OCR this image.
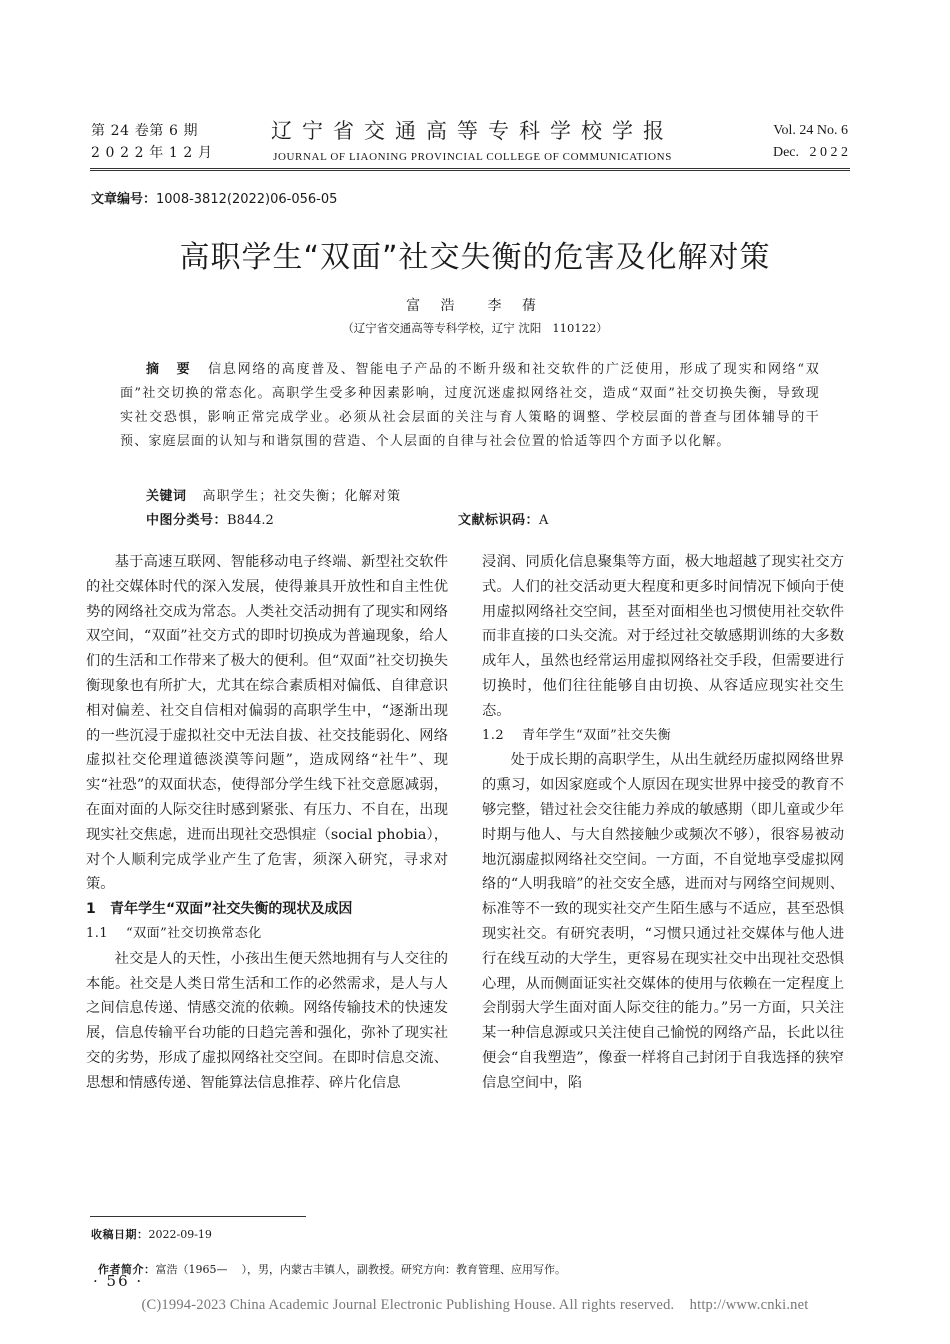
第 24 卷第 6 期
2 0 2 2 年 1 2 月
辽宁省交通高等专科学校学报
JOURNAL OF LIAONING PROVINCIAL COLLEGE OF COMMUNICATIONS
Vol. 24 No. 6
Dec.   2 0 2 2
文章编号：1008-3812(2022)06-056-05
高职学生“双面”社交失衡的危害及化解对策
富 浩  李 蒨
（辽宁省交通高等专科学校，辽宁 沈阳   110122）
摘 要 信息网络的高度普及、智能电子产品的不断升级和社交软件的广泛使用，形成了现实和网络“双面”社交切换的常态化。高职学生受多种因素影响，过度沉迷虚拟网络社交，造成“双面”社交切换失衡，导致现实社交恐惧，影响正常完成学业。必须从社会层面的关注与育人策略的调整、学校层面的普查与团体辅导的干预、家庭层面的认知与和谐氛围的营造、个人层面的自律与社会位置的恰适等四个方面予以化解。
关键词 高职学生；社交失衡；化解对策
中图分类号：B844.2	文献标识码：A

基于高速互联网、智能移动电子终端、新型社交软件的社交媒体时代的深入发展，使得兼具开放性和自主性优势的网络社交成为常态。人类社交活动拥有了现实和网络双空间，“双面”社交方式的即时切换成为普遍现象，给人们的生活和工作带来了极大的便利。但“双面”社交切换失衡现象也有所扩大，尤其在综合素质相对偏低、自律意识相对偏差、社交自信相对偏弱的高职学生中，“逐渐出现的一些沉浸于虚拟社交中无法自拔、社交技能弱化、网络虚拟社交伦理道德淡漠等问题”，造成网络“社牛”、现实“社恐”的双面状态，使得部分学生线下社交意愿减弱，在面对面的人际交往时感到紧张、有压力、不自在，出现现实社交焦虑，进而出现社交恐惧症（social phobia），对个人顺利完成学业产生了危害，须深入研究，寻求对策。

1 青年学生“双面”社交失衡的现状及成因

1.1 “双面”社交切换常态化

社交是人的天性，小孩出生便天然地拥有与人交往的本能。社交是人类日常生活和工作的必然需求，是人与人之间信息传递、情感交流的依赖。网络传输技术的快速发展，信息传输平台功能的日趋完善和强化，弥补了现实社交的劣势，形成了虚拟网络社交空间。在即时信息交流、思想和情感传递、智能算法信息推荐、碎片化信息

浸润、同质化信息聚集等方面，极大地超越了现实社交方式。人们的社交活动更大程度和更多时间情况下倾向于使用虚拟网络社交空间，甚至对面相坐也习惯使用社交软件而非直接的口头交流。对于经过社交敏感期训练的大多数成年人，虽然也经常运用虚拟网络社交手段，但需要进行切换时，他们往往能够自由切换、从容适应现实社交生态。

1.2 青年学生“双面”社交失衡

处于成长期的高职学生，从出生就经历虚拟网络世界的熏习，如因家庭或个人原因在现实世界中接受的教育不够完整，错过社会交往能力养成的敏感期（即儿童或少年时期与他人、与大自然接触少或频次不够），很容易被动地沉溺虚拟网络社交空间。一方面，不自觉地享受虚拟网络的“人明我暗”的社交安全感，进而对与网络空间规则、标准等不一致的现实社交产生陌生感与不适应，甚至恐惧现实社交。有研究表明，“习惯只通过社交媒体与他人进行在线互动的大学生，更容易在现实社交中出现社交恐惧心理，从而侧面证实社交媒体的使用与依赖在一定程度上会削弱大学生面对面人际交往的能力。”另一方面，只关注某一种信息源或只关注使自己愉悦的网络产品，长此以往便会“自我塑造”，像蚕一样将自己封闭于自我选择的狭窄信息空间中，陷

收稿日期：2022-09-19

作者简介：富浩（1965—    ），男，内蒙古丰镇人，副教授。研究方向：教育管理、应用写作。

· 56 ·
(C)1994-2023 China Academic Journal Electronic Publishing House. All rights reserved.    http://www.cnki.net
